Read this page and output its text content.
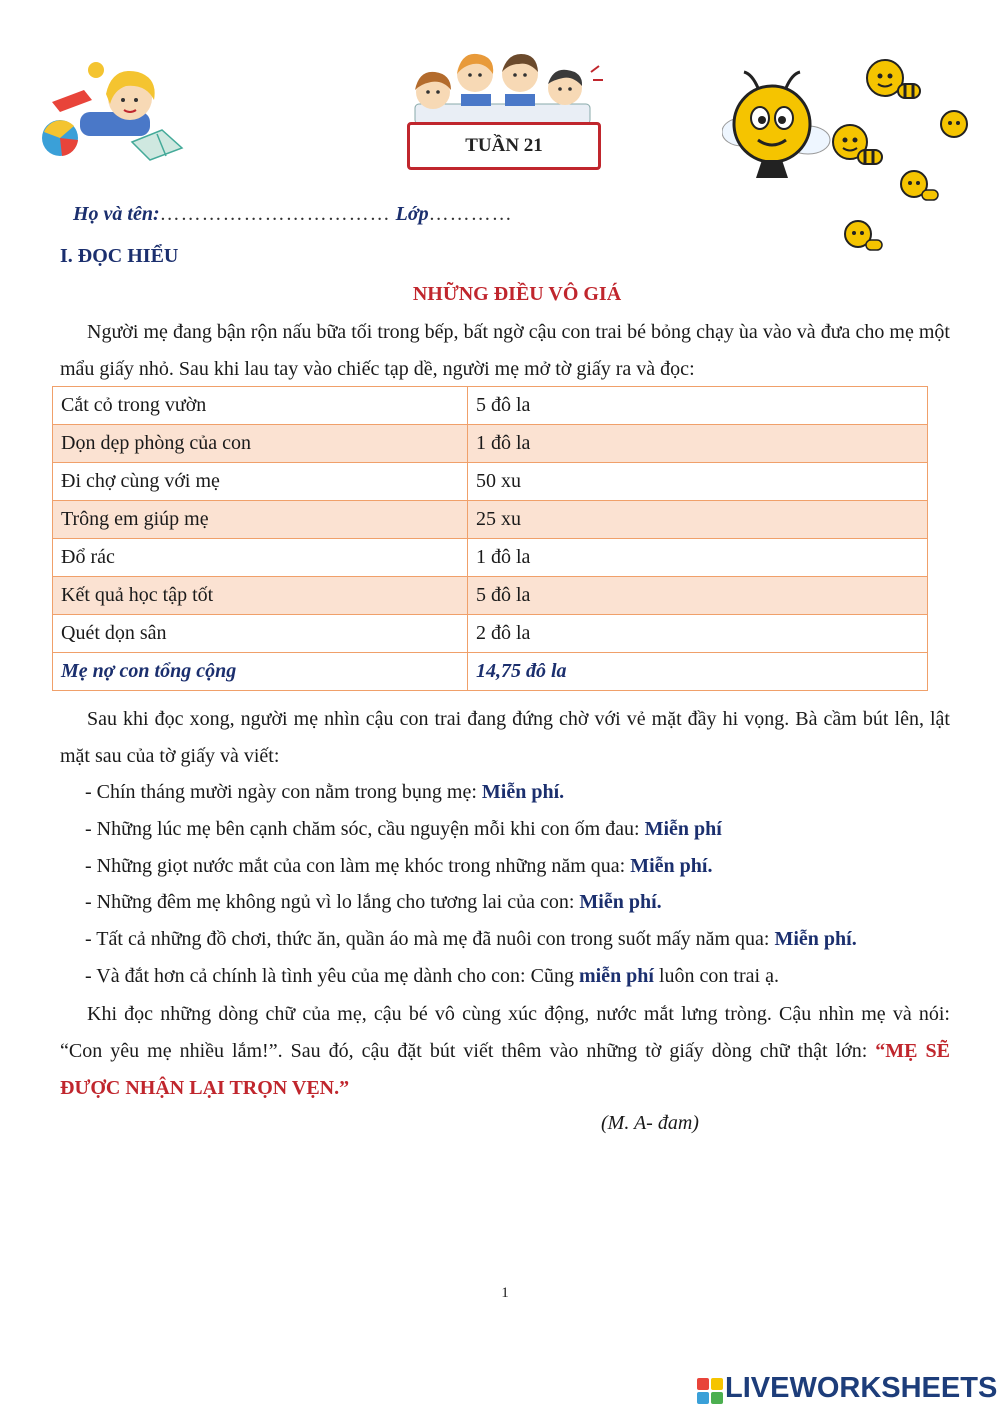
TUẦN 21
Họ và tên:…………………………… Lớp…………
I. ĐỌC HIỂU
NHỮNG ĐIỀU VÔ GIÁ
Người mẹ đang bận rộn nấu bữa tối trong bếp, bất ngờ cậu con trai bé bỏng chạy ùa vào và đưa cho mẹ một mẩu giấy nhỏ. Sau khi lau tay vào chiếc tạp dề, người mẹ mở tờ giấy ra và đọc:
Cắt cỏ trong vườn	5 đô la
Dọn dẹp phòng của con	1 đô la
Đi chợ cùng với mẹ	50 xu
Trông em giúp mẹ	25 xu
Đổ rác	1 đô la
Kết quả học tập tốt	5 đô la
Quét dọn sân	2 đô la
Mẹ nợ con tổng cộng	14,75 đô la
Sau khi đọc xong, người mẹ nhìn cậu con trai đang đứng chờ với vẻ mặt đầy hi vọng. Bà cầm bút lên, lật mặt sau của tờ giấy và viết:
- Chín tháng mười ngày con nằm trong bụng mẹ: Miễn phí.
- Những lúc mẹ bên cạnh chăm sóc, cầu nguyện mỗi khi con ốm đau: Miễn phí
- Những giọt nước mắt của con làm mẹ khóc trong những năm qua: Miễn phí.
- Những đêm mẹ không ngủ vì lo lắng cho tương lai của con: Miễn phí.
- Tất cả những đồ chơi, thức ăn, quần áo mà mẹ đã nuôi con trong suốt mấy năm qua: Miễn phí.
- Và đắt hơn cả chính là tình yêu của mẹ dành cho con: Cũng miễn phí luôn con trai ạ.
Khi đọc những dòng chữ của mẹ, cậu bé vô cùng xúc động, nước mắt lưng tròng. Cậu nhìn mẹ và nói: “Con yêu mẹ nhiều lắm!”. Sau đó, cậu đặt bút viết thêm vào những tờ giấy dòng chữ thật lớn: “MẸ SẼ ĐƯỢC NHẬN LẠI TRỌN VẸN.”
(M. A- đam)
1
LIVEWORKSHEETS
